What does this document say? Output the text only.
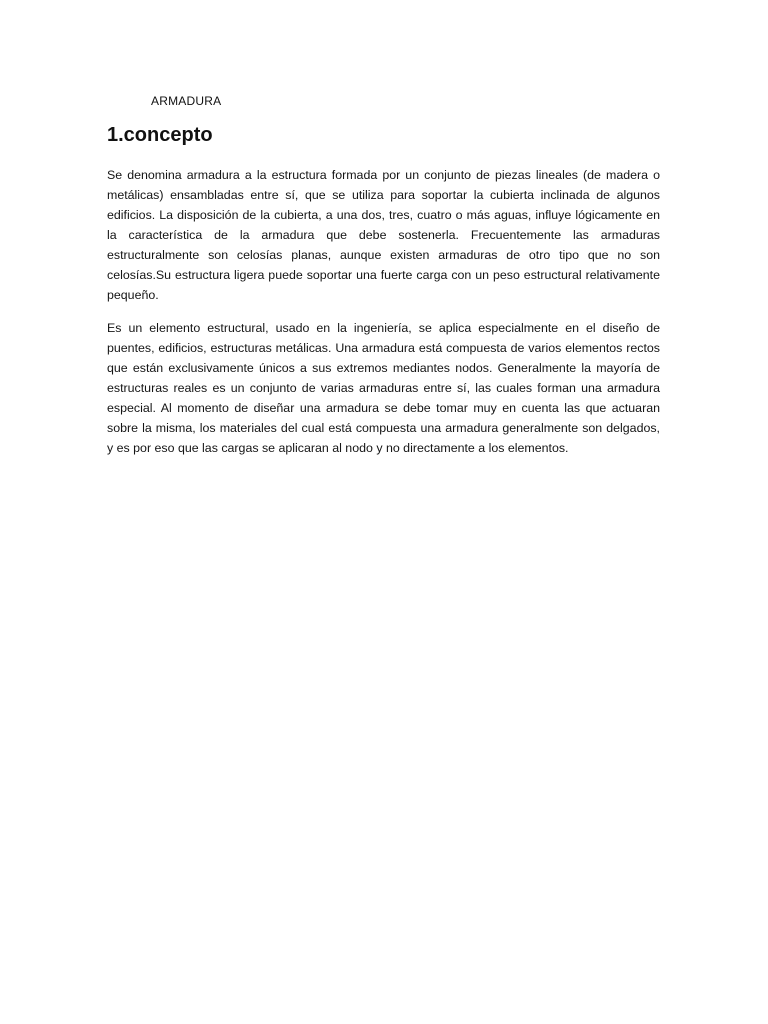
ARMADURA

1.concepto

Se denomina armadura a la estructura formada por un conjunto de piezas lineales (de madera o metálicas) ensambladas entre sí, que se utiliza para soportar la cubierta inclinada de algunos edificios. La disposición de la cubierta, a una dos, tres, cuatro o más aguas, influye lógicamente en la característica de la armadura que debe sostenerla. Frecuentemente las armaduras estructuralmente son celosías planas, aunque existen armaduras de otro tipo que no son celosías.Su estructura ligera puede soportar una fuerte carga con un peso estructural relativamente pequeño.

Es un elemento estructural, usado en la ingeniería, se aplica especialmente en el diseño de puentes, edificios, estructuras metálicas. Una armadura está compuesta de varios elementos rectos que están exclusivamente únicos a sus extremos mediantes nodos. Generalmente la mayoría de estructuras reales es un conjunto de varias armaduras entre sí, las cuales forman una armadura especial. Al momento de diseñar una armadura se debe tomar muy en cuenta las que actuaran sobre la misma, los materiales del cual está compuesta una armadura generalmente son delgados, y es por eso que las cargas se aplicaran al nodo y no directamente a los elementos.
